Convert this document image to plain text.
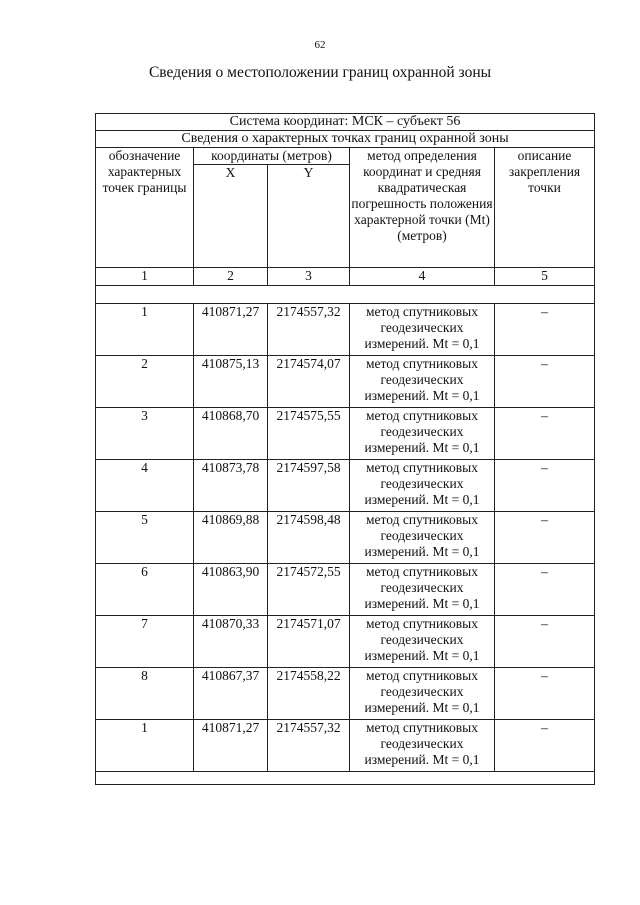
62
Сведения о местоположении границ охранной зоны
Система координат: МСК – субъект 56				
Сведения о характерных точках границ охранной зоны				
обозначение характерных точек границы	координаты (метров)		метод определения координат и средняя квадратическая погрешность положения характерной точки (Mt) (метров)	описание закрепления точки
	X	Y		
1	2	3	4	5

1	410871,27	2174557,32	метод спутниковых геодезических измерений. Mt = 0,1	–
2	410875,13	2174574,07	метод спутниковых геодезических измерений. Mt = 0,1	–
3	410868,70	2174575,55	метод спутниковых геодезических измерений. Mt = 0,1	–
4	410873,78	2174597,58	метод спутниковых геодезических измерений. Mt = 0,1	–
5	410869,88	2174598,48	метод спутниковых геодезических измерений. Mt = 0,1	–
6	410863,90	2174572,55	метод спутниковых геодезических измерений. Mt = 0,1	–
7	410870,33	2174571,07	метод спутниковых геодезических измерений. Mt = 0,1	–
8	410867,37	2174558,22	метод спутниковых геодезических измерений. Mt = 0,1	–
1	410871,27	2174557,32	метод спутниковых геодезических измерений. Mt = 0,1	–
